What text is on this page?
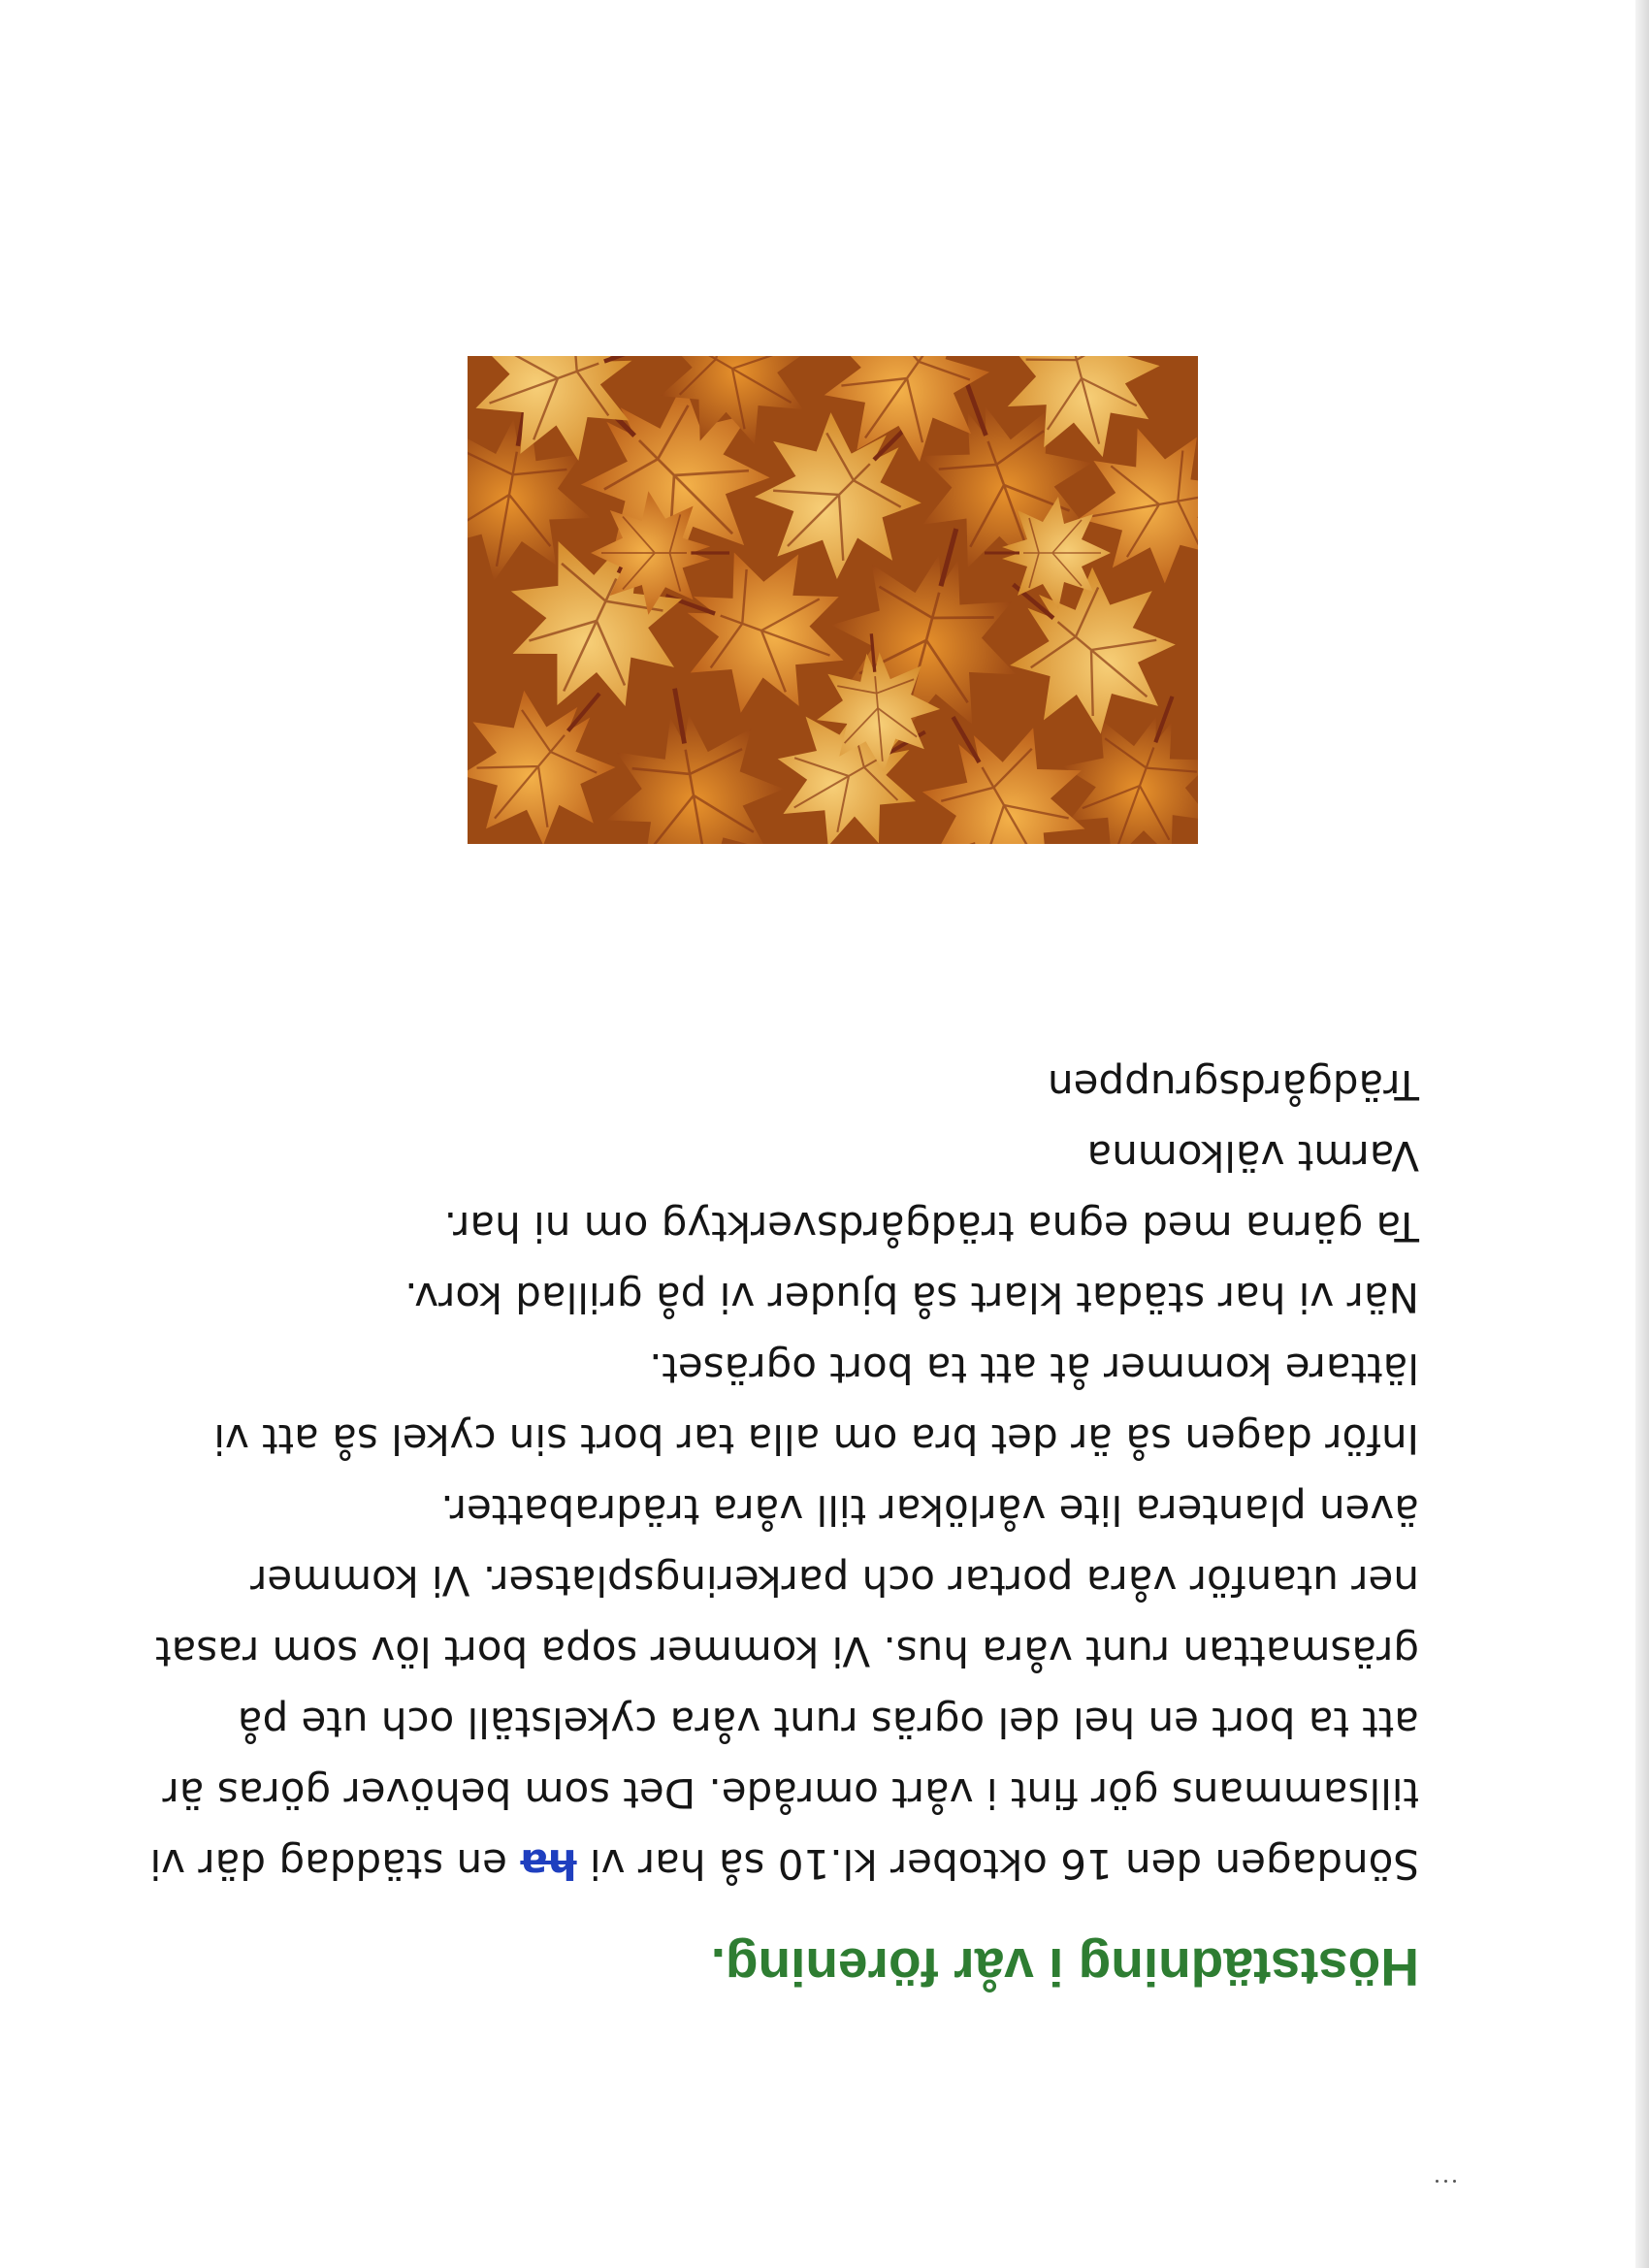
Höststädning i vår förening.

Söndagen den 16 oktober kl.10 så har vi ha en städdag där vi tillsammans gör fint i vårt område. Det som behöver göras är att ta bort en hel del ogräs runt våra cykelställ och ute på gräsmattan runt våra hus. Vi kommer sopa bort löv som rasat ner utanför våra portar och parkeringsplatser. Vi kommer även plantera lite vårlökar till våra trädrabatter.

Inför dagen så är det bra om alla tar bort sin cykel så att vi lättare kommer åt att ta bort ogräset.

När vi har städat klart så bjuder vi på grillad korv.

Ta gärna med egna trädgårdsverktyg om ni har.

Varmt välkomna

Trädgårdsgruppen
